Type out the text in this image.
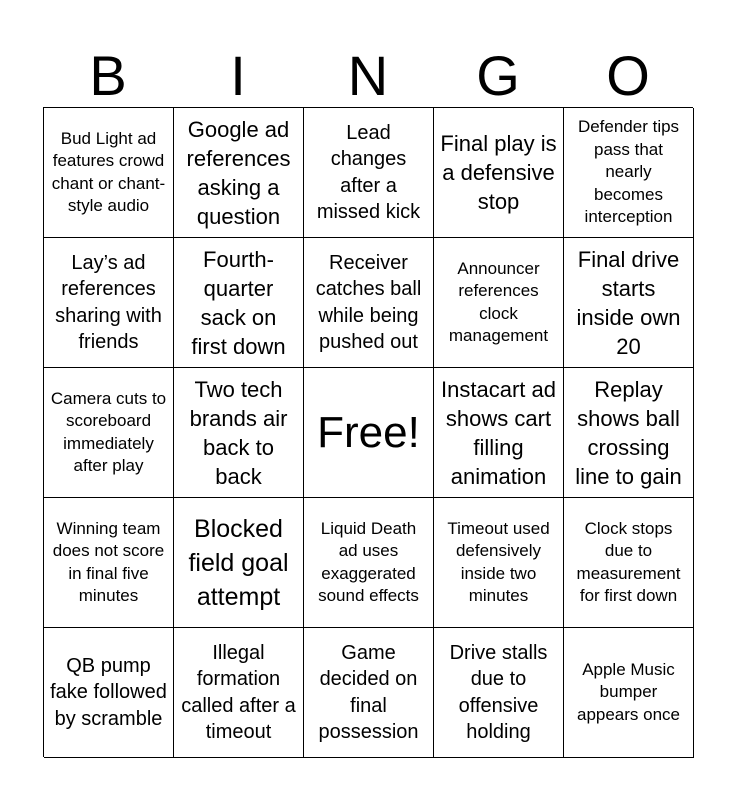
B	I	N	G	O
Bud Light ad features crowd chant or chant-style audio
Google ad references asking a question
Lead changes after a missed kick
Final play is a defensive stop
Defender tips pass that nearly becomes interception
Lay’s ad references sharing with friends
Fourth-quarter sack on first down
Receiver catches ball while being pushed out
Announcer references clock management
Final drive starts inside own 20
Camera cuts to scoreboard immediately after play
Two tech brands air back to back
Free!
Instacart ad shows cart filling animation
Replay shows ball crossing line to gain
Winning team does not score in final five minutes
Blocked field goal attempt
Liquid Death ad uses exaggerated sound effects
Timeout used defensively inside two minutes
Clock stops due to measurement for first down
QB pump fake followed by scramble
Illegal formation called after a timeout
Game decided on final possession
Drive stalls due to offensive holding
Apple Music bumper appears once
